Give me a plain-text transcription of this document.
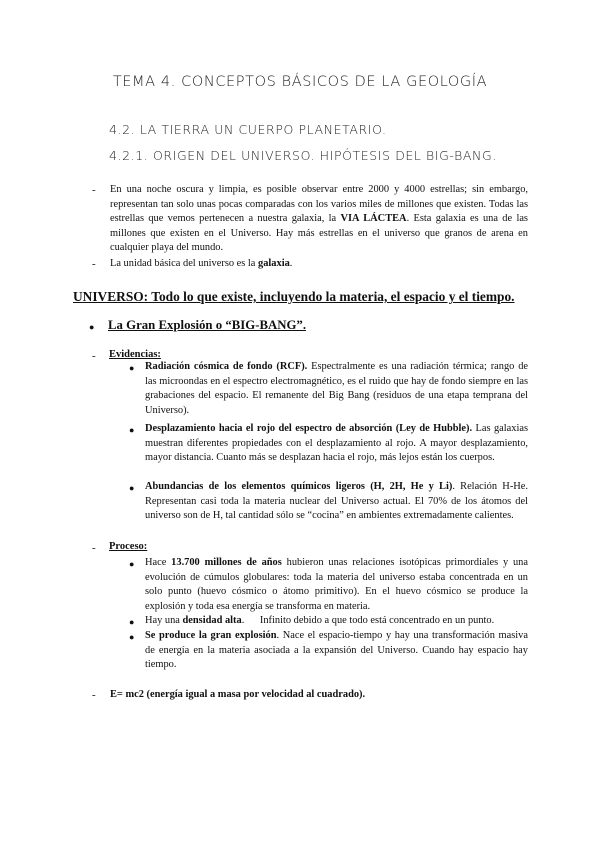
TEMA 4. CONCEPTOS BÁSICOS DE LA GEOLOGÍA
4.2. LA TIERRA UN CUERPO PLANETARIO.
4.2.1. ORIGEN DEL UNIVERSO. HIPÓTESIS DEL BIG-BANG.
- En una noche oscura y limpia, es posible observar entre 2000 y 4000 estrellas; sin embargo, representan tan solo unas pocas comparadas con los varios miles de millones que existen. Todas las estrellas que vemos pertenecen a nuestra galaxia, la VIA LÁCTEA. Esta galaxia es una de las millones que existen en el Universo. Hay más estrellas en el universo que granos de arena en cualquier playa del mundo.
- La unidad básica del universo es la galaxia.
UNIVERSO: Todo lo que existe, incluyendo la materia, el espacio y el tiempo.
● La Gran Explosión o “BIG-BANG”.
- Evidencias:
● Radiación cósmica de fondo (RCF). Espectralmente es una radiación térmica; rango de las microondas en el espectro electromagnético, es el ruido que hay de fondo siempre en las grabaciones del espacio. El remanente del Big Bang (residuos de una etapa temprana del Universo).
● Desplazamiento hacia el rojo del espectro de absorción (Ley de Hubble). Las galaxias muestran diferentes propiedades con el desplazamiento al rojo. A mayor desplazamiento, mayor distancia. Cuanto más se desplazan hacia el rojo, más lejos están los cuerpos.
● Abundancias de los elementos químicos ligeros (H, 2H, He y Li). Relación H-He. Representan casi toda la materia nuclear del Universo actual. El 70% de los átomos del universo son de H, tal cantidad sólo se “cocina” en ambientes extremadamente calientes.
- Proceso:
● Hace 13.700 millones de años hubieron unas relaciones isotópicas primordiales y una evolución de cúmulos globulares: toda la materia del universo estaba concentrada en un solo punto (huevo cósmico o átomo primitivo). En el huevo cósmico se produce la explosión y toda esa energía se transforma en materia.
● Hay una densidad alta.      Infinito debido a que todo está concentrado en un punto.
● Se produce la gran explosión. Nace el espacio-tiempo y hay una transformación masiva de energía en la materia asociada a la expansión del Universo. Cuando hay espacio hay tiempo.
- E= mc2 (energía igual a masa por velocidad al cuadrado).
